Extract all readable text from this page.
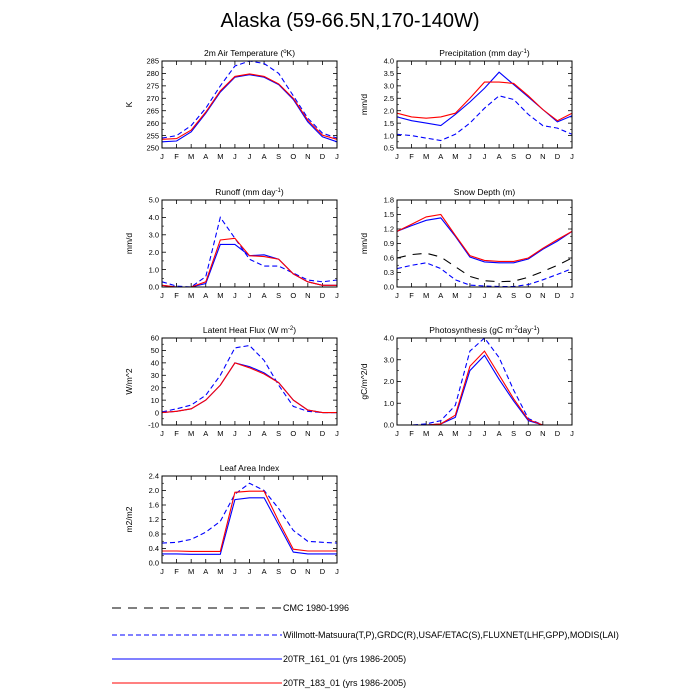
Alaska (59-66.5N,170-140W)
2m Air Temperature ($^o$K)
K
250
255
260
265
270
275
280
285
J F M A M J J A S O N D J
Precipitation (mm day$^{-1}$)
mm/d
0.5
1.0
1.5
2.0
2.5
3.0
3.5
4.0
J F M A M J J A S O N D J
Runoff (mm day$^{-1}$)
mm/d
0.0
1.0
2.0
3.0
4.0
5.0
J F M A M J J A S O N D J
Snow Depth (m)
mm/d
0.0
0.3
0.6
0.9
1.2
1.5
1.8
J F M A M J J A S O N D J
Latent Heat Flux (W $m^{-2}$)
W/m^2
-10
0
10
20
30
40
50
60
J F M A M J J A S O N D J
Photosynthesis (gC $m^{-2}day^{-1}$)
gC/m^2/d
0.0
1.0
2.0
3.0
4.0
J F M A M J J A S O N D J
Leaf Area Index
m2/m2
0.0
0.4
0.8
1.2
1.6
2.0
2.4
J F M A M J J A S O N D J
CMC 1980-1996
Willmott-Matsuura(T,P),GRDC(R),USAF/ETAC(S),FLUXNET(LHF,GPP),MODIS(LAI)
20TR_161_01 (yrs 1986-2005)
20TR_183_01 (yrs 1986-2005)
